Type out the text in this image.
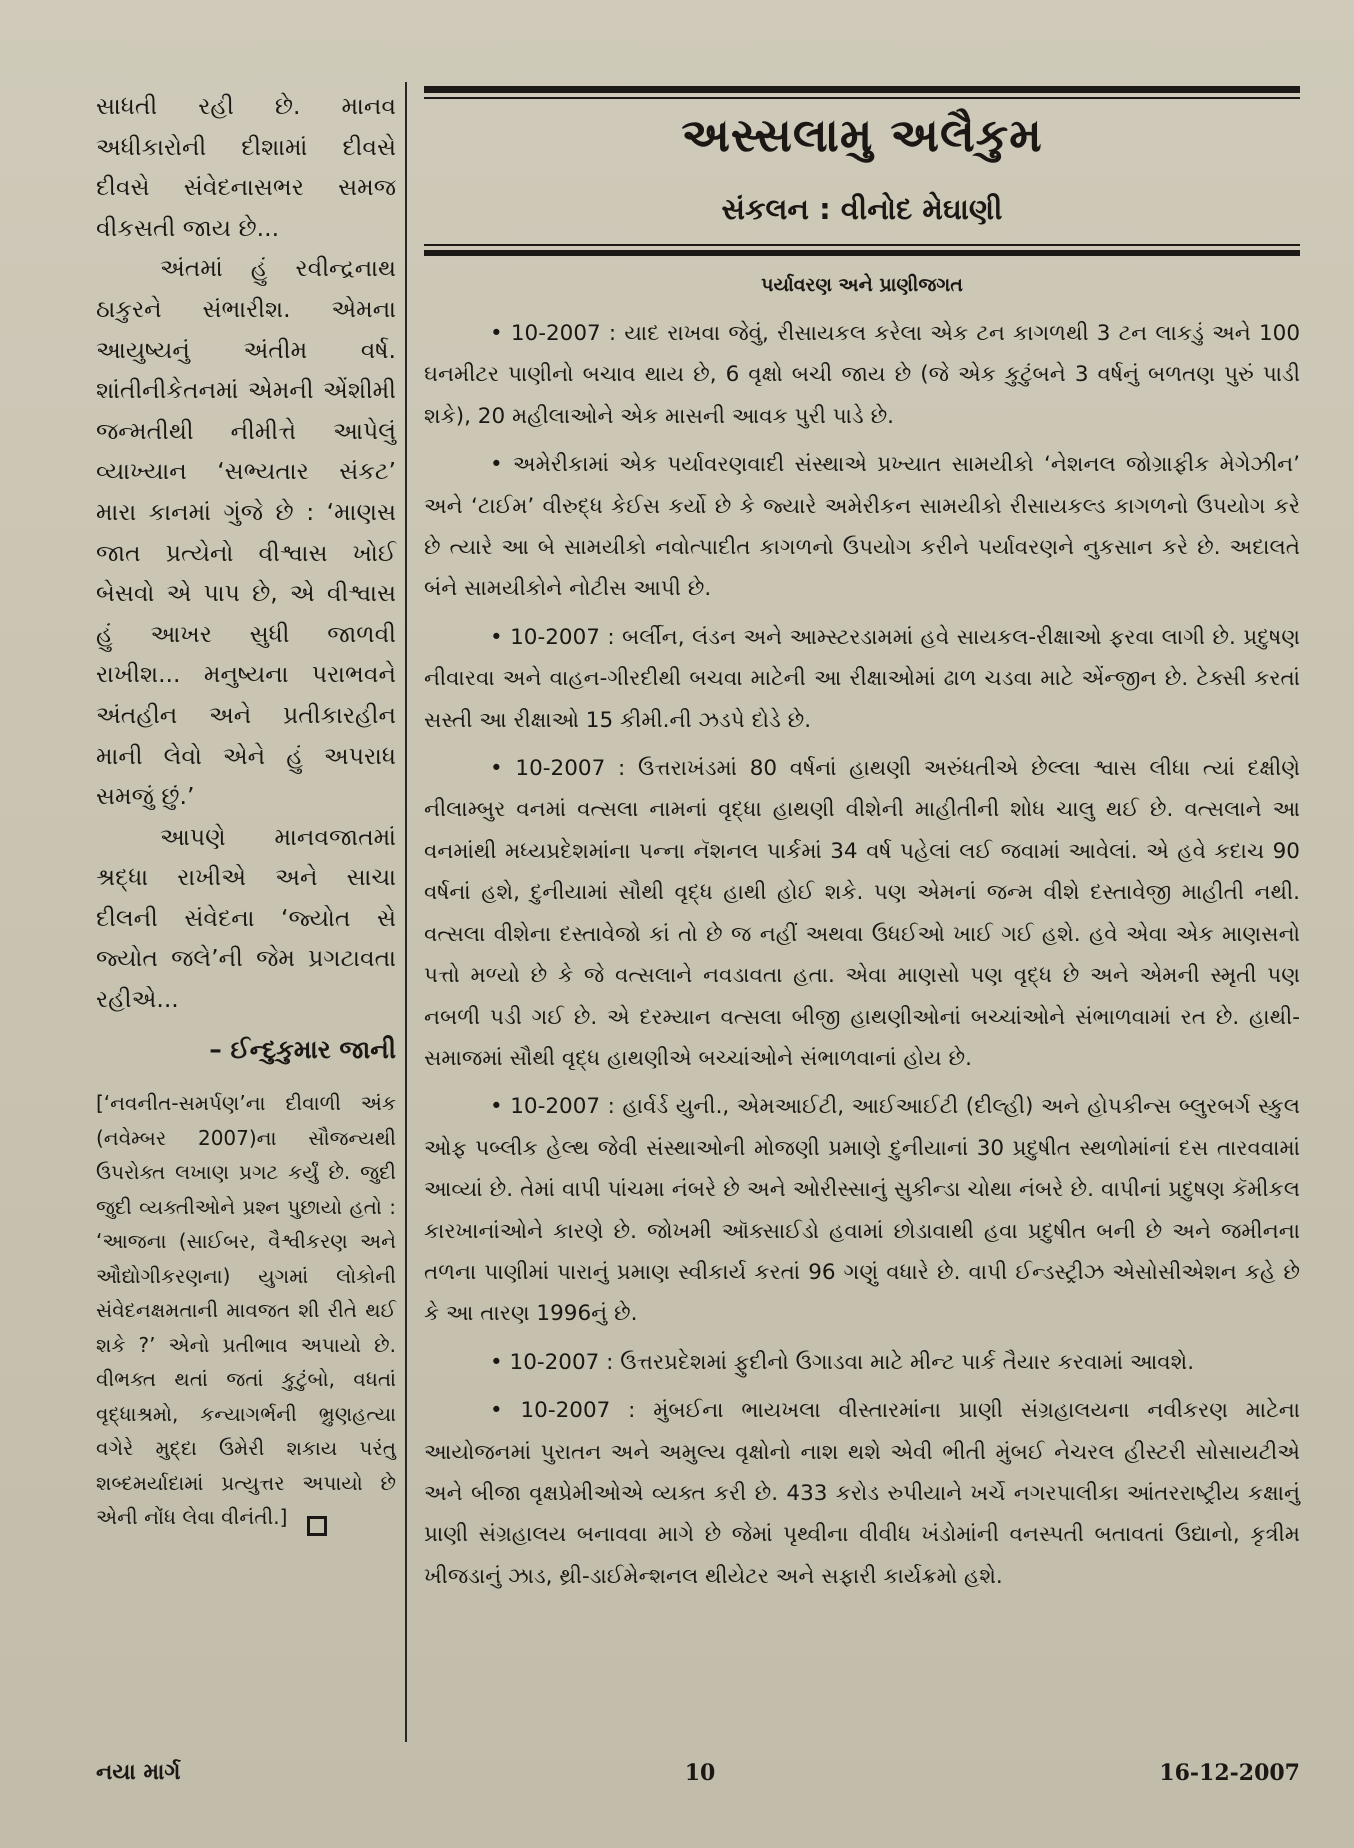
સાધતી રહી છે. માનવ અધીકારોની દીશામાં દીવસે દીવસે સંવેદનાસભર સમજ વીકસતી જાય છે...

અંતમાં હું રવીન્દ્રનાથ ઠાકુરને સંભારીશ. એમના આયુષ્યનું અંતીમ વર્ષ. શાંતીનીકેતનમાં એમની એંશીમી જન્મતીથી નીમીત્તે આપેલું વ્યાખ્યાન ‘સભ્યતાર સંકટ’ મારા કાનમાં ગુંજે છે : ‘માણસ જાત પ્રત્યેનો વીશ્વાસ ખોઈ બેસવો એ પાપ છે, એ વીશ્વાસ હું આખર સુધી જાળવી રાખીશ... મનુષ્યના પરાભવને અંતહીન અને પ્રતીકારહીન માની લેવો એને હું અપરાધ સમજું છું.’

આપણે માનવજાતમાં શ્રદ્ધા રાખીએ અને સાચા દીલની સંવેદના ‘જ્યોત સે જ્યોત જલે’ની જેમ પ્રગટાવતા રહીએ...

– ઈન્દુકુમાર જાની

[‘નવનીત-સમર્પણ’ના દીવાળી અંક (નવેમ્બર 2007)ના સૌજન્યથી ઉપરોક્ત લખાણ પ્રગટ કર્યું છે. જુદી જુદી વ્યક્તીઓને પ્રશ્ન પુછાયો હતો : ‘આજના (સાઈબર, વૈશ્વીકરણ અને ઔદ્યોગીકરણના) યુગમાં લોકોની સંવેદનક્ષમતાની માવજત શી રીતે થઈ શકે ?’ એનો પ્રતીભાવ અપાયો છે. વીભક્ત થતાં જતાં કુટુંબો, વધતાં વૃદ્ધાશ્રમો, કન્યાગર્ભની ભ્રુણહત્યા વગેરે મુદ્દા ઉમેરી શકાય પરંતુ શબ્દમર્યાદામાં પ્રત્યુત્તર અપાયો છે એની નોંધ લેવા વીનંતી.]

અસ્સલામુ અલૈકુમ
સંકલન : વીનોદ મેઘાણી
પર્યાવરણ અને પ્રાણીજગત

• 10-2007 : યાદ રાખવા જેવું, રીસાયકલ કરેલા એક ટન કાગળથી 3 ટન લાકડું અને 100 ઘનમીટર પાણીનો બચાવ થાય છે, 6 વૃક્ષો બચી જાય છે (જે એક કુટુંબને 3 વર્ષનું બળતણ પુરું પાડી શકે), 20 મહીલાઓને એક માસની આવક પુરી પાડે છે.

• અમેરીકામાં એક પર્યાવરણવાદી સંસ્થાએ પ્રખ્યાત સામયીકો ‘નેશનલ જોગ્રાફીક મેગેઝીન’ અને ‘ટાઈમ’ વીરુદ્ધ કેઈસ કર્યો છે કે જ્યારે અમેરીકન સામયીકો રીસાયકલ્ડ કાગળનો ઉપયોગ કરે છે ત્યારે આ બે સામયીકો નવોત્પાદીત કાગળનો ઉપયોગ કરીને પર્યાવરણને નુકસાન કરે છે. અદાલતે બંને સામયીકોને નોટીસ આપી છે.

• 10-2007 : બર્લીન, લંડન અને આમ્સ્ટરડામમાં હવે સાયકલ-રીક્ષાઓ ફરવા લાગી છે. પ્રદુષણ નીવારવા અને વાહન-ગીરદીથી બચવા માટેની આ રીક્ષાઓમાં ઢાળ ચડવા માટે એંન્જીન છે. ટેક્સી કરતાં સસ્તી આ રીક્ષાઓ 15 કીમી.ની ઝડપે દોડે છે.

• 10-2007 : ઉત્તરાખંડમાં 80 વર્ષનાં હાથણી અરુંધતીએ છેલ્લા શ્વાસ લીધા ત્યાં દક્ષીણે નીલામ્બુર વનમાં વત્સલા નામનાં વૃદ્ધા હાથણી વીશેની માહીતીની શોધ ચાલુ થઈ છે. વત્સલાને આ વનમાંથી મધ્યપ્રદેશમાંના પન્ના નૅશનલ પાર્કમાં 34 વર્ષ પહેલાં લઈ જવામાં આવેલાં. એ હવે કદાચ 90 વર્ષનાં હશે, દુનીયામાં સૌથી વૃદ્ધ હાથી હોઈ શકે. પણ એમનાં જન્મ વીશે દસ્તાવેજી માહીતી નથી. વત્સલા વીશેના દસ્તાવેજો કાં તો છે જ નહીં અથવા ઉધઈઓ ખાઈ ગઈ હશે. હવે એવા એક માણસનો પત્તો મળ્યો છે કે જે વત્સલાને નવડાવતા હતા. એવા માણસો પણ વૃદ્ધ છે અને એમની સ્મૃતી પણ નબળી પડી ગઈ છે. એ દરમ્યાન વત્સલા બીજી હાથણીઓનાં બચ્ચાંઓને સંભાળવામાં રત છે. હાથી-સમાજમાં સૌથી વૃદ્ધ હાથણીએ બચ્ચાંઓને સંભાળવાનાં હોય છે.

• 10-2007 : હાર્વર્ડ યુની., એમઆઈટી, આઈઆઈટી (દીલ્હી) અને હોપકીન્સ બ્લુરબર્ગ સ્કુલ ઓફ પબ્લીક હેલ્થ જેવી સંસ્થાઓની મોજણી પ્રમાણે દુનીયાનાં 30 પ્રદુષીત સ્થળોમાંનાં દસ તારવવામાં આવ્યાં છે. તેમાં વાપી પાંચમા નંબરે છે અને ઓરીસ્સાનું સુકીન્ડા ચોથા નંબરે છે. વાપીનાં પ્રદુષણ કૅમીકલ કારખાનાંઓને કારણે છે. જોખમી ઑક્સાઈડો હવામાં છોડાવાથી હવા પ્રદુષીત બની છે અને જમીનના તળના પાણીમાં પારાનું પ્રમાણ સ્વીકાર્ય કરતાં 96 ગણું વધારે છે. વાપી ઈન્ડસ્ટ્રીઝ એસોસીએશન કહે છે કે આ તારણ 1996નું છે.

• 10-2007 : ઉત્તરપ્રદેશમાં ફુદીનો ઉગાડવા માટે મીન્ટ પાર્ક તૈયાર કરવામાં આવશે.

• 10-2007 : મુંબઈના ભાયખલા વીસ્તારમાંના પ્રાણી સંગ્રહાલયના નવીકરણ માટેના આયોજનમાં પુરાતન અને અમુલ્ય વૃક્ષોનો નાશ થશે એવી ભીતી મુંબઈ નેચરલ હીસ્ટરી સોસાયટીએ અને બીજા વૃક્ષપ્રેમીઓએ વ્યક્ત કરી છે. 433 કરોડ રુપીયાને ખર્ચે નગરપાલીકા આંતરરાષ્ટ્રીય કક્ષાનું પ્રાણી સંગ્રહાલય બનાવવા માગે છે જેમાં પૃથ્વીના વીવીધ ખંડોમાંની વનસ્પતી બતાવતાં ઉદ્યાનો, કૃત્રીમ ખીજડાનું ઝાડ, થ્રી-ડાઈમેન્શનલ થીયેટર અને સફારી કાર્યક્રમો હશે.

નયા માર્ગ	10	16-12-2007
